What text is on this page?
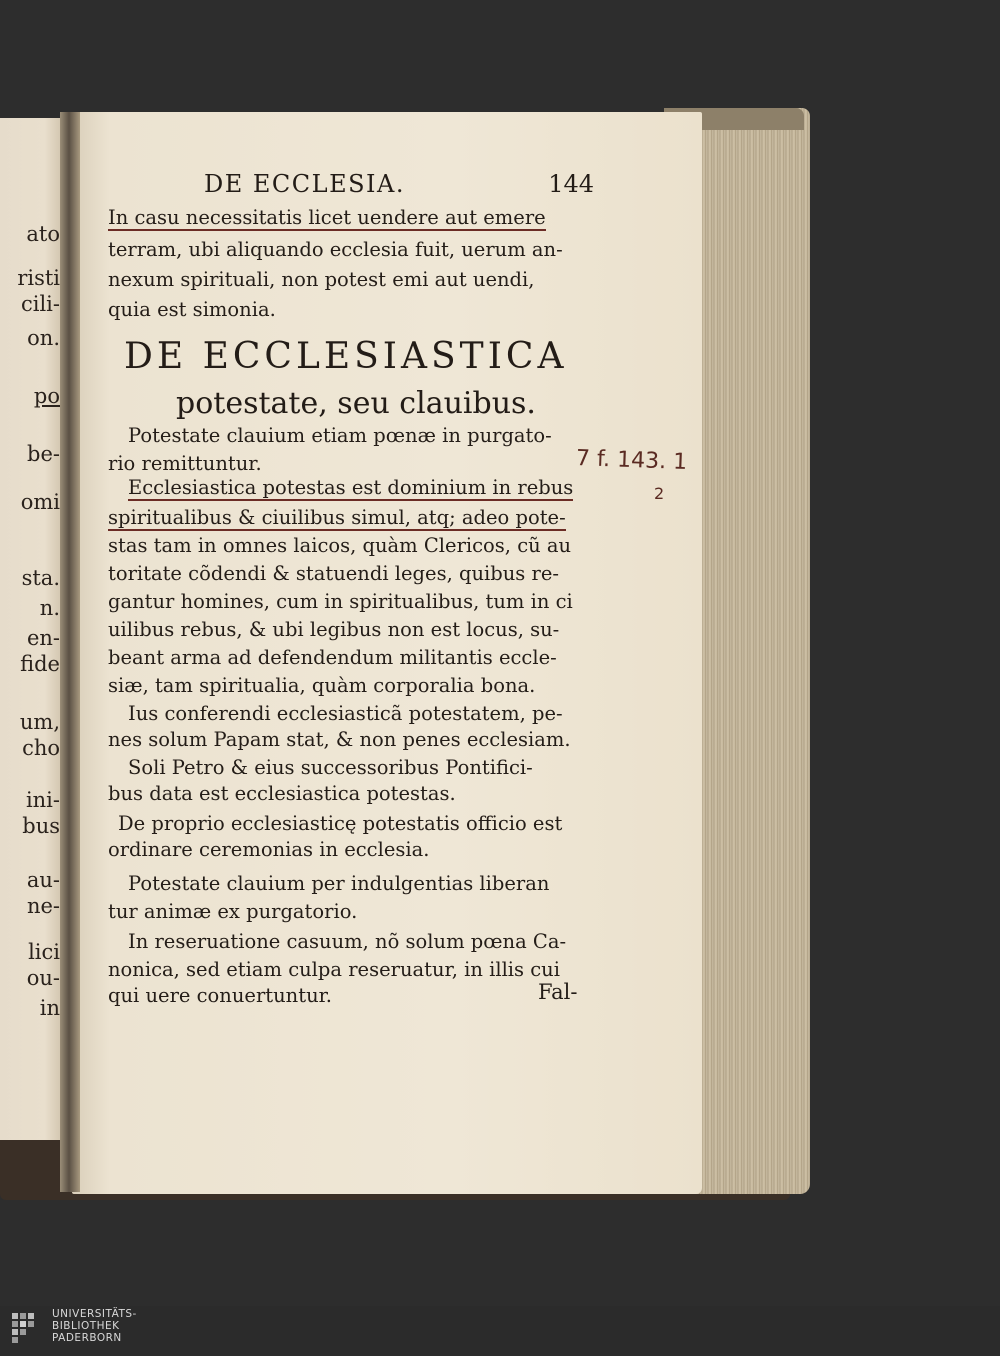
ato
risti
cili-
on.
po
be-
omi
sta.
n.
en-
fide
um,
cho
ini-
bus
au-
ne-
lici
ou-
in
DE ECCLESIA.	144
In casu necessitatis licet uendere aut emere
terram, ubi aliquando ecclesia fuit, uerum an-
nexum spirituali, non potest emi aut uendi,
quia est simonia.
Potestate clauium etiam pœnæ in purgato-
rio remittuntur.
Ecclesiastica potestas est dominium in rebus
spiritualibus & ciuilibus simul, atq; adeo pote-
stas tam in omnes laicos, quàm Clericos, cũ au
toritate cõdendi & statuendi leges, quibus re-
gantur homines, cum in spiritualibus, tum in ci
uilibus rebus, & ubi legibus non est locus, su-
beant arma ad defendendum militantis eccle-
siæ, tam spiritualia, quàm corporalia bona.
Ius conferendi ecclesiasticã potestatem, pe-
nes solum Papam stat, & non penes ecclesiam.
Soli Petro & eius successoribus Pontifici-
bus data est ecclesiastica potestas.
De proprio ecclesiasticę potestatis officio est
ordinare ceremonias in ecclesia.
Potestate clauium per indulgentias liberan
tur animæ ex purgatorio.
In reseruatione casuum, nõ solum pœna Ca-
nonica, sed etiam culpa reseruatur, in illis cui
qui uere conuertuntur.
DE ECCLESIASTICA
potestate, seu clauibus.
7 f. 143. 1
2
Fal-
UNIVERSITÄTS-
BIBLIOTHEK
PADERBORN
